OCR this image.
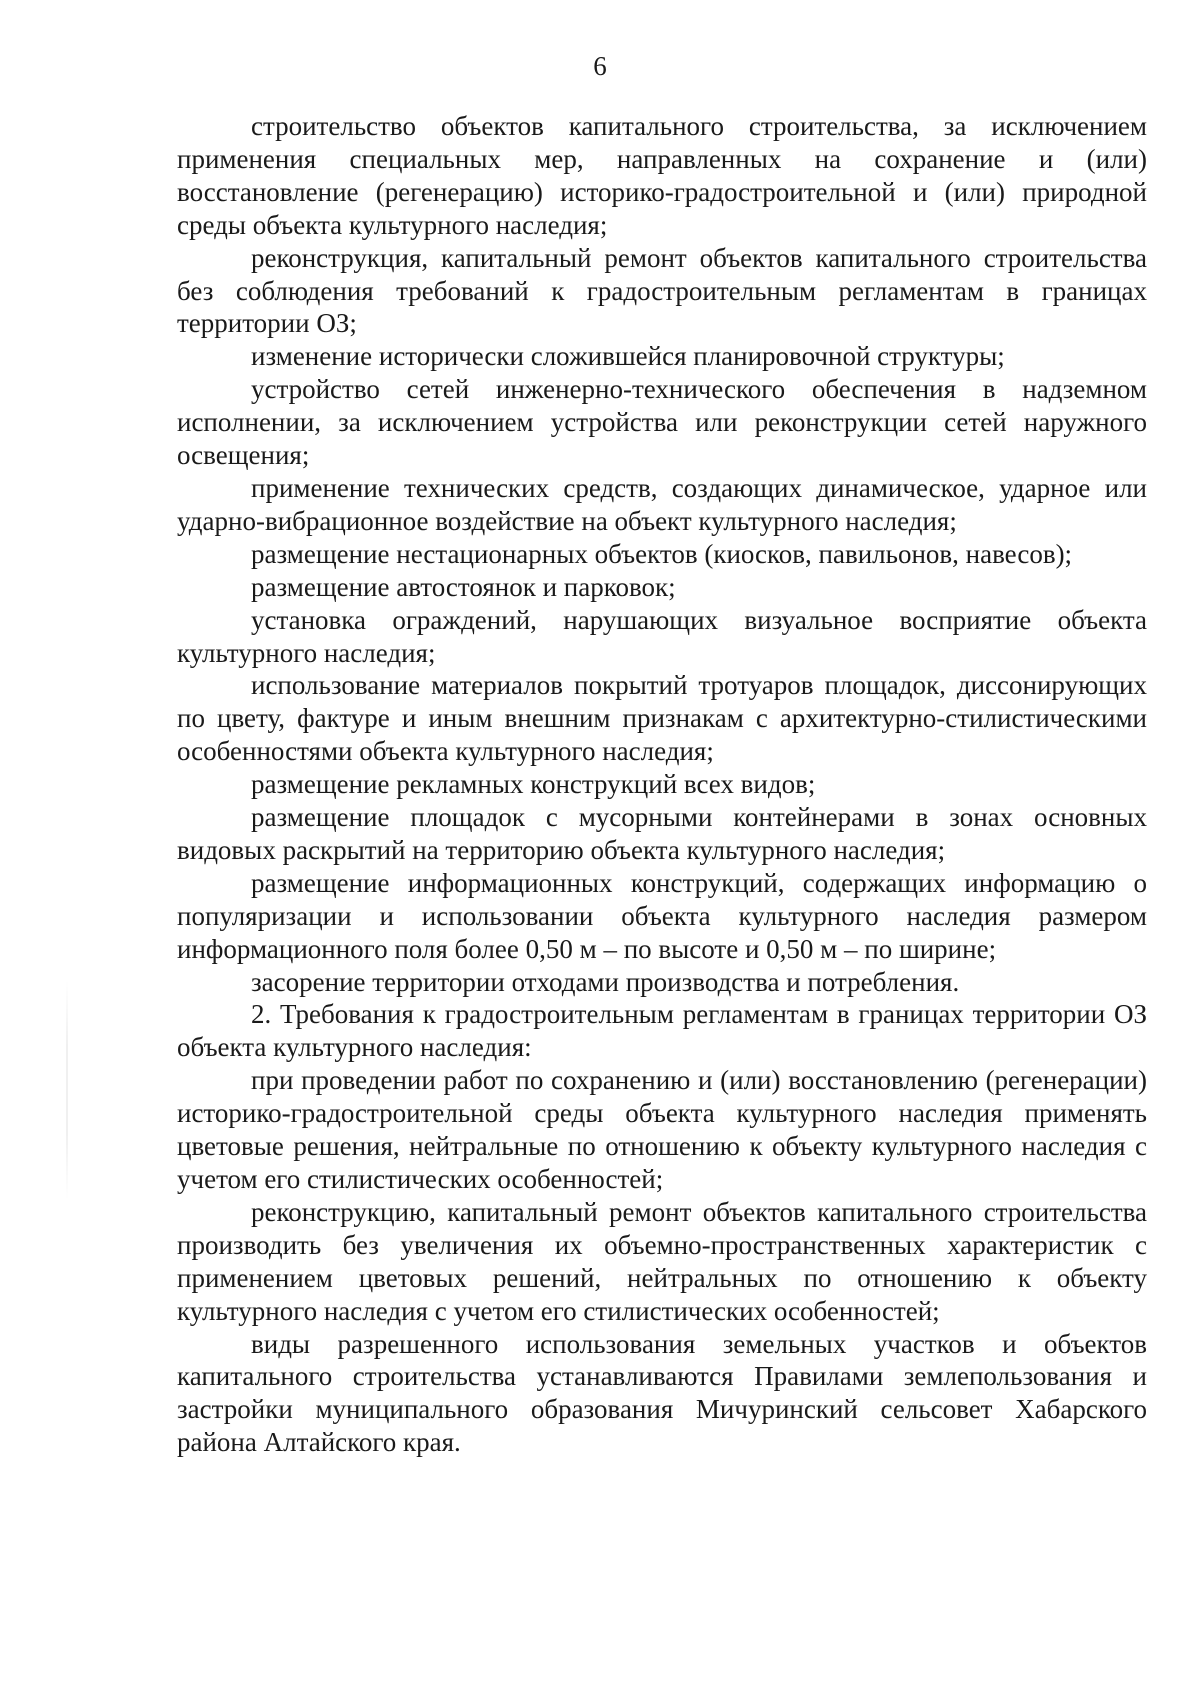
6

строительство объектов капитального строительства, за исключением применения специальных мер, направленных на сохранение и (или) восстановление (регенерацию) историко-градостроительной и (или) природной среды объекта культурного наследия;

реконструкция, капитальный ремонт объектов капитального строительства без соблюдения требований к градостроительным регламентам в границах территории ОЗ;

изменение исторически сложившейся планировочной структуры;

устройство сетей инженерно-технического обеспечения в надземном исполнении, за исключением устройства или реконструкции сетей наружного освещения;

применение технических средств, создающих динамическое, ударное или ударно-вибрационное воздействие на объект культурного наследия;

размещение нестационарных объектов (киосков, павильонов, навесов);

размещение автостоянок и парковок;

установка ограждений, нарушающих визуальное восприятие объекта культурного наследия;

использование материалов покрытий тротуаров площадок, диссонирующих по цвету, фактуре и иным внешним признакам с архитектурно-стилистическими особенностями объекта культурного наследия;

размещение рекламных конструкций всех видов;

размещение площадок с мусорными контейнерами в зонах основных видовых раскрытий на территорию объекта культурного наследия;

размещение информационных конструкций, содержащих информацию о популяризации и использовании объекта культурного наследия размером информационного поля более 0,50 м – по высоте и 0,50 м – по ширине;

засорение территории отходами производства и потребления.

2. Требования к градостроительным регламентам в границах территории ОЗ объекта культурного наследия:

при проведении работ по сохранению и (или) восстановлению (регенерации) историко-градостроительной среды объекта культурного наследия применять цветовые решения, нейтральные по отношению к объекту культурного наследия с учетом его стилистических особенностей;

реконструкцию, капитальный ремонт объектов капитального строительства производить без увеличения их объемно-пространственных характеристик с применением цветовых решений, нейтральных по отношению к объекту культурного наследия с учетом его стилистических особенностей;

виды разрешенного использования земельных участков и объектов капитального строительства устанавливаются Правилами землепользования и застройки муниципального образования Мичуринский сельсовет Хабарского района Алтайского края.
